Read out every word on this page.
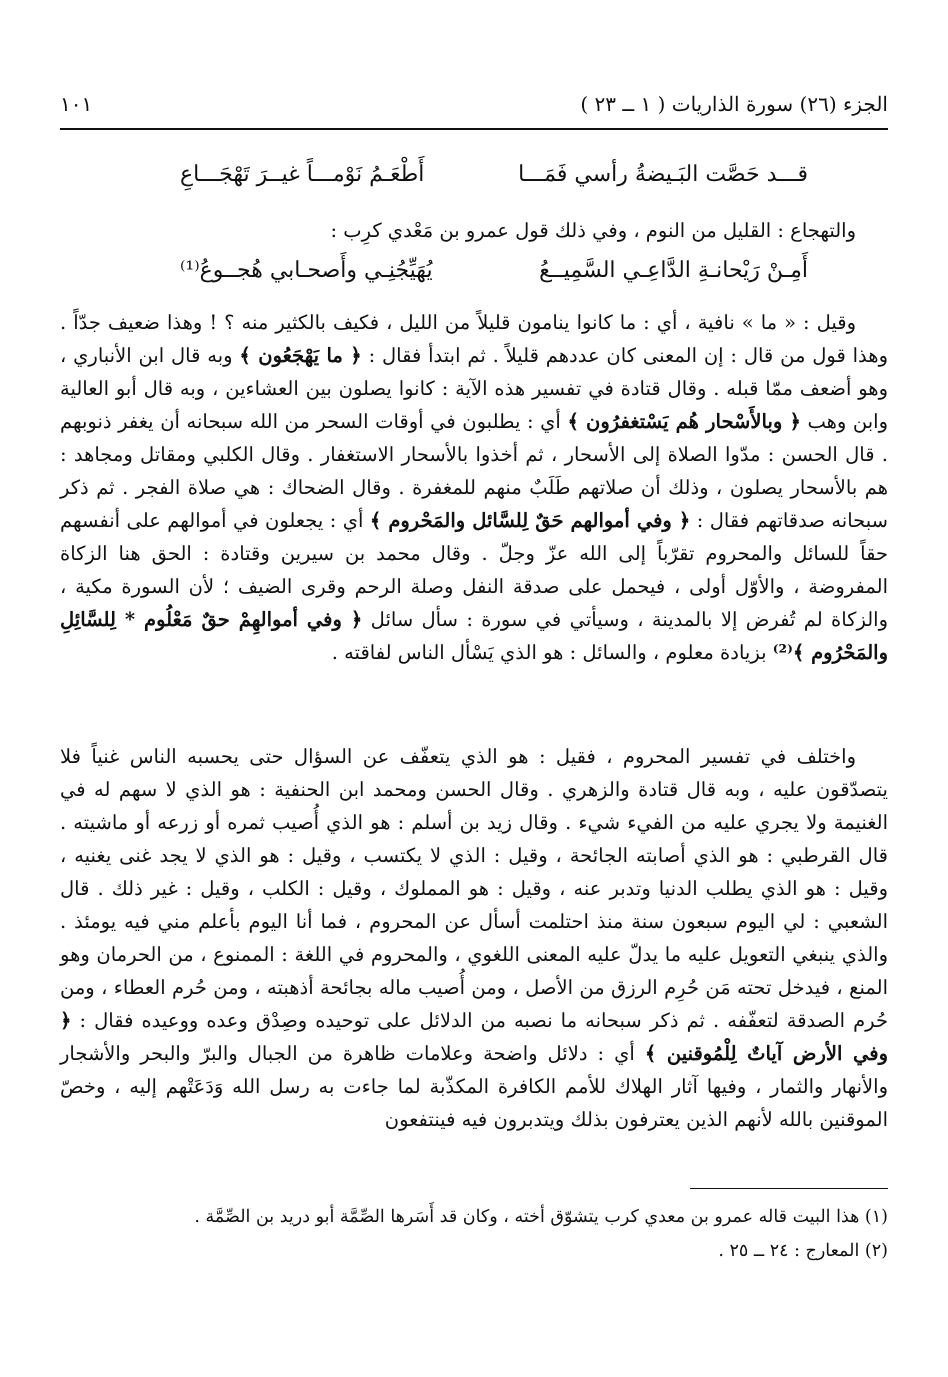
الجزء (٢٦) سورة الذاريات ( ١ ــ ٢٣ )
١٠١
قـــد حَصَّت البَـيضةُ رأسي فَمَـــا
أَطْعَـمُ نَوْمـــاً غيــرَ تَهْجَـــاعِ

والتهجاع : القليل من النوم ، وفي ذلك قول عمرو بن مَعْدي كرِب :

أَمِـنْ رَيْحانـةِ الدَّاعِـي السَّمِيــعُ
يُهَيِّجُنِـي وأَصحـابي هُجــوعُ⁽¹⁾

وقيل : « ما » نافية ، أي : ما كانوا ينامون قليلاً من الليل ، فكيف بالكثير منه ؟ ! وهذا ضعيف جدّاً . وهذا قول من قال : إن المعنى كان عددهم قليلاً . ثم ابتدأ فقال : ﴿ ما يَهْجَعُون ﴾ وبه قال ابن الأنباري ، وهو أضعف ممّا قبله . وقال قتادة في تفسير هذه الآية : كانوا يصلون بين العشاءين ، وبه قال أبو العالية وابن وهب ﴿ وبالأَسْحار هُم يَسْتغفرُون ﴾ أي : يطلبون في أوقات السحر من الله سبحانه أن يغفر ذنوبهم . قال الحسن : مدّوا الصلاة إلى الأسحار ، ثم أخذوا بالأسحار الاستغفار . وقال الكلبي ومقاتل ومجاهد : هم بالأسحار يصلون ، وذلك أن صلاتهم طَلَبٌ منهم للمغفرة . وقال الضحاك : هي صلاة الفجر . ثم ذكر سبحانه صدقاتهم فقال : ﴿ وفي أموالهم حَقٌ لِلسَّائل والمَحْروم ﴾ أي : يجعلون في أموالهم على أنفسهم حقاً للسائل والمحروم تقرّباً إلى الله عزّ وجلّ . وقال محمد بن سيرين وقتادة : الحق هنا الزكاة المفروضة ، والأوّل أولى ، فيحمل على صدقة النفل وصلة الرحم وقرى الضيف ؛ لأن السورة مكية ، والزكاة لم تُفرض إلا بالمدينة ، وسيأتي في سورة : سأل سائل ﴿ وفي أموالهِمْ حقٌ مَعْلُوم * لِلسَّائِلِ والمَحْرُوم ﴾⁽²⁾ بزيادة معلوم ، والسائل : هو الذي يَسْأل الناس لفاقته .

واختلف في تفسير المحروم ، فقيل : هو الذي يتعفّف عن السؤال حتى يحسبه الناس غنياً فلا يتصدّقون عليه ، وبه قال قتادة والزهري . وقال الحسن ومحمد ابن الحنفية : هو الذي لا سهم له في الغنيمة ولا يجري عليه من الفيء شيء . وقال زيد بن أسلم : هو الذي أُصيب ثمره أو زرعه أو ماشيته . قال القرطبي : هو الذي أصابته الجائحة ، وقيل : الذي لا يكتسب ، وقيل : هو الذي لا يجد غنى يغنيه ، وقيل : هو الذي يطلب الدنيا وتدبر عنه ، وقيل : هو المملوك ، وقيل : الكلب ، وقيل : غير ذلك . قال الشعبي : لي اليوم سبعون سنة منذ احتلمت أسأل عن المحروم ، فما أنا اليوم بأعلم مني فيه يومئذ . والذي ينبغي التعويل عليه ما يدلّ عليه المعنى اللغوي ، والمحروم في اللغة : الممنوع ، من الحرمان وهو المنع ، فيدخل تحته مَن حُرِم الرزق من الأصل ، ومن أُصيب ماله بجائحة أذهبته ، ومن حُرم العطاء ، ومن حُرم الصدقة لتعفّفه . ثم ذكر سبحانه ما نصبه من الدلائل على توحيده وصِدْق وعده ووعيده فقال : ﴿ وفي الأرض آياتٌ لِلْمُوقنين ﴾ أي : دلائل واضحة وعلامات ظاهرة من الجبال والبرّ والبحر والأشجار والأنهار والثمار ، وفيها آثار الهلاك للأمم الكافرة المكذّبة لما جاءت به رسل الله وَدَعَتْهم إليه ، وخصّ الموقنين بالله لأنهم الذين يعترفون بذلك ويتدبرون فيه فينتفعون

(١) هذا البيت قاله عمرو بن معدي كرب يتشوّق أخته ، وكان قد أَسَرها الصِّمَّة أبو دريد بن الصِّمَّة .

(٢) المعارج : ٢٤ ــ ٢٥ .
